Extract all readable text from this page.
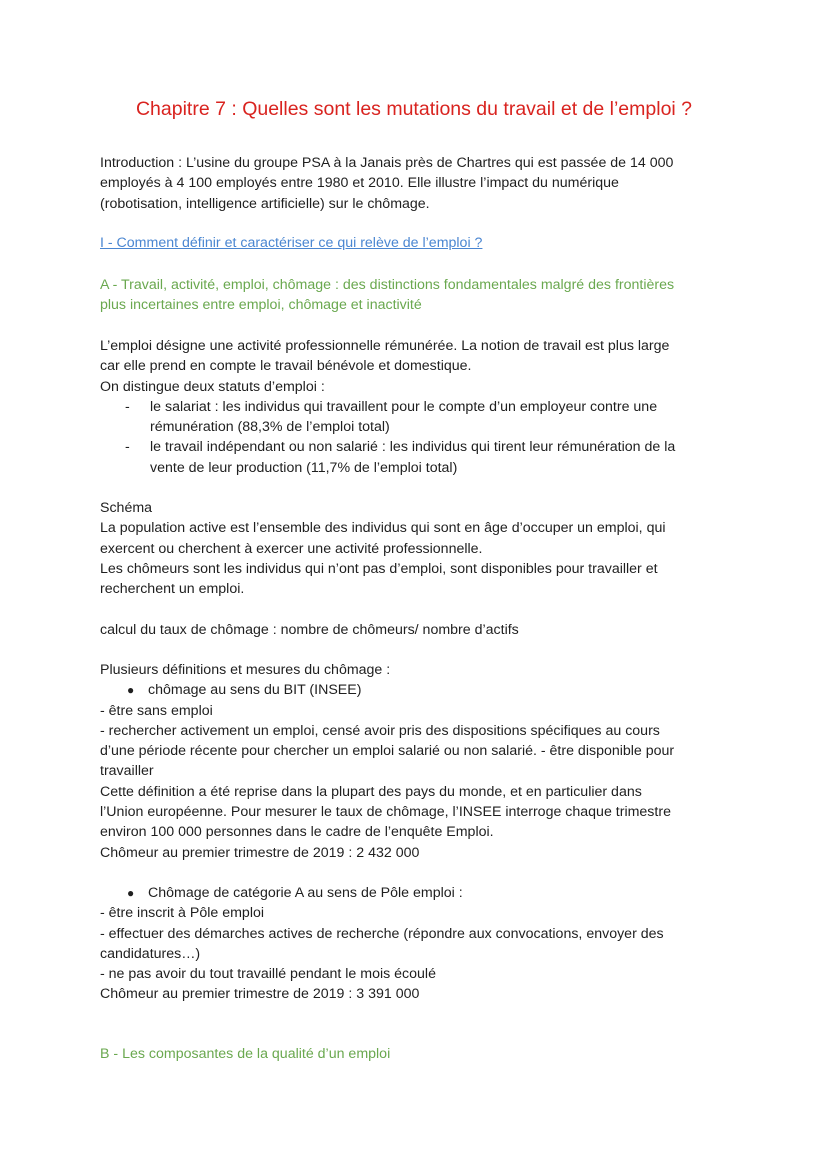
Chapitre 7 : Quelles sont les mutations du travail et de l’emploi ?
Introduction : L’usine du groupe PSA à la Janais près de Chartres qui est passée de 14 000
employés à 4 100 employés entre 1980 et 2010. Elle illustre l’impact du numérique
(robotisation, intelligence artificielle) sur le chômage.
I - Comment définir et caractériser ce qui relève de l’emploi ?
A - Travail, activité, emploi, chômage : des distinctions fondamentales malgré des frontières
plus incertaines entre emploi, chômage et inactivité
L’emploi désigne une activité professionnelle rémunérée. La notion de travail est plus large
car elle prend en compte le travail bénévole et domestique.
On distingue deux statuts d’emploi :
- le salariat : les individus qui travaillent pour le compte d’un employeur contre une
rémunération (88,3% de l’emploi total)
- le travail indépendant ou non salarié : les individus qui tirent leur rémunération de la
vente de leur production (11,7% de l’emploi total)
Schéma
La population active est l’ensemble des individus qui sont en âge d’occuper un emploi, qui
exercent ou cherchent à exercer une activité professionnelle.
Les chômeurs sont les individus qui n’ont pas d’emploi, sont disponibles pour travailler et
recherchent un emploi.
calcul du taux de chômage : nombre de chômeurs/ nombre d’actifs
Plusieurs définitions et mesures du chômage :
● chômage au sens du BIT (INSEE)
- être sans emploi
- rechercher activement un emploi, censé avoir pris des dispositions spécifiques au cours
d’une période récente pour chercher un emploi salarié ou non salarié. - être disponible pour
travailler
Cette définition a été reprise dans la plupart des pays du monde, et en particulier dans
l’Union européenne. Pour mesurer le taux de chômage, l’INSEE interroge chaque trimestre
environ 100 000 personnes dans le cadre de l’enquête Emploi.
Chômeur au premier trimestre de 2019 : 2 432 000
● Chômage de catégorie A au sens de Pôle emploi :
- être inscrit à Pôle emploi
- effectuer des démarches actives de recherche (répondre aux convocations, envoyer des
candidatures…)
- ne pas avoir du tout travaillé pendant le mois écoulé
Chômeur au premier trimestre de 2019 : 3 391 000
B - Les composantes de la qualité d’un emploi
